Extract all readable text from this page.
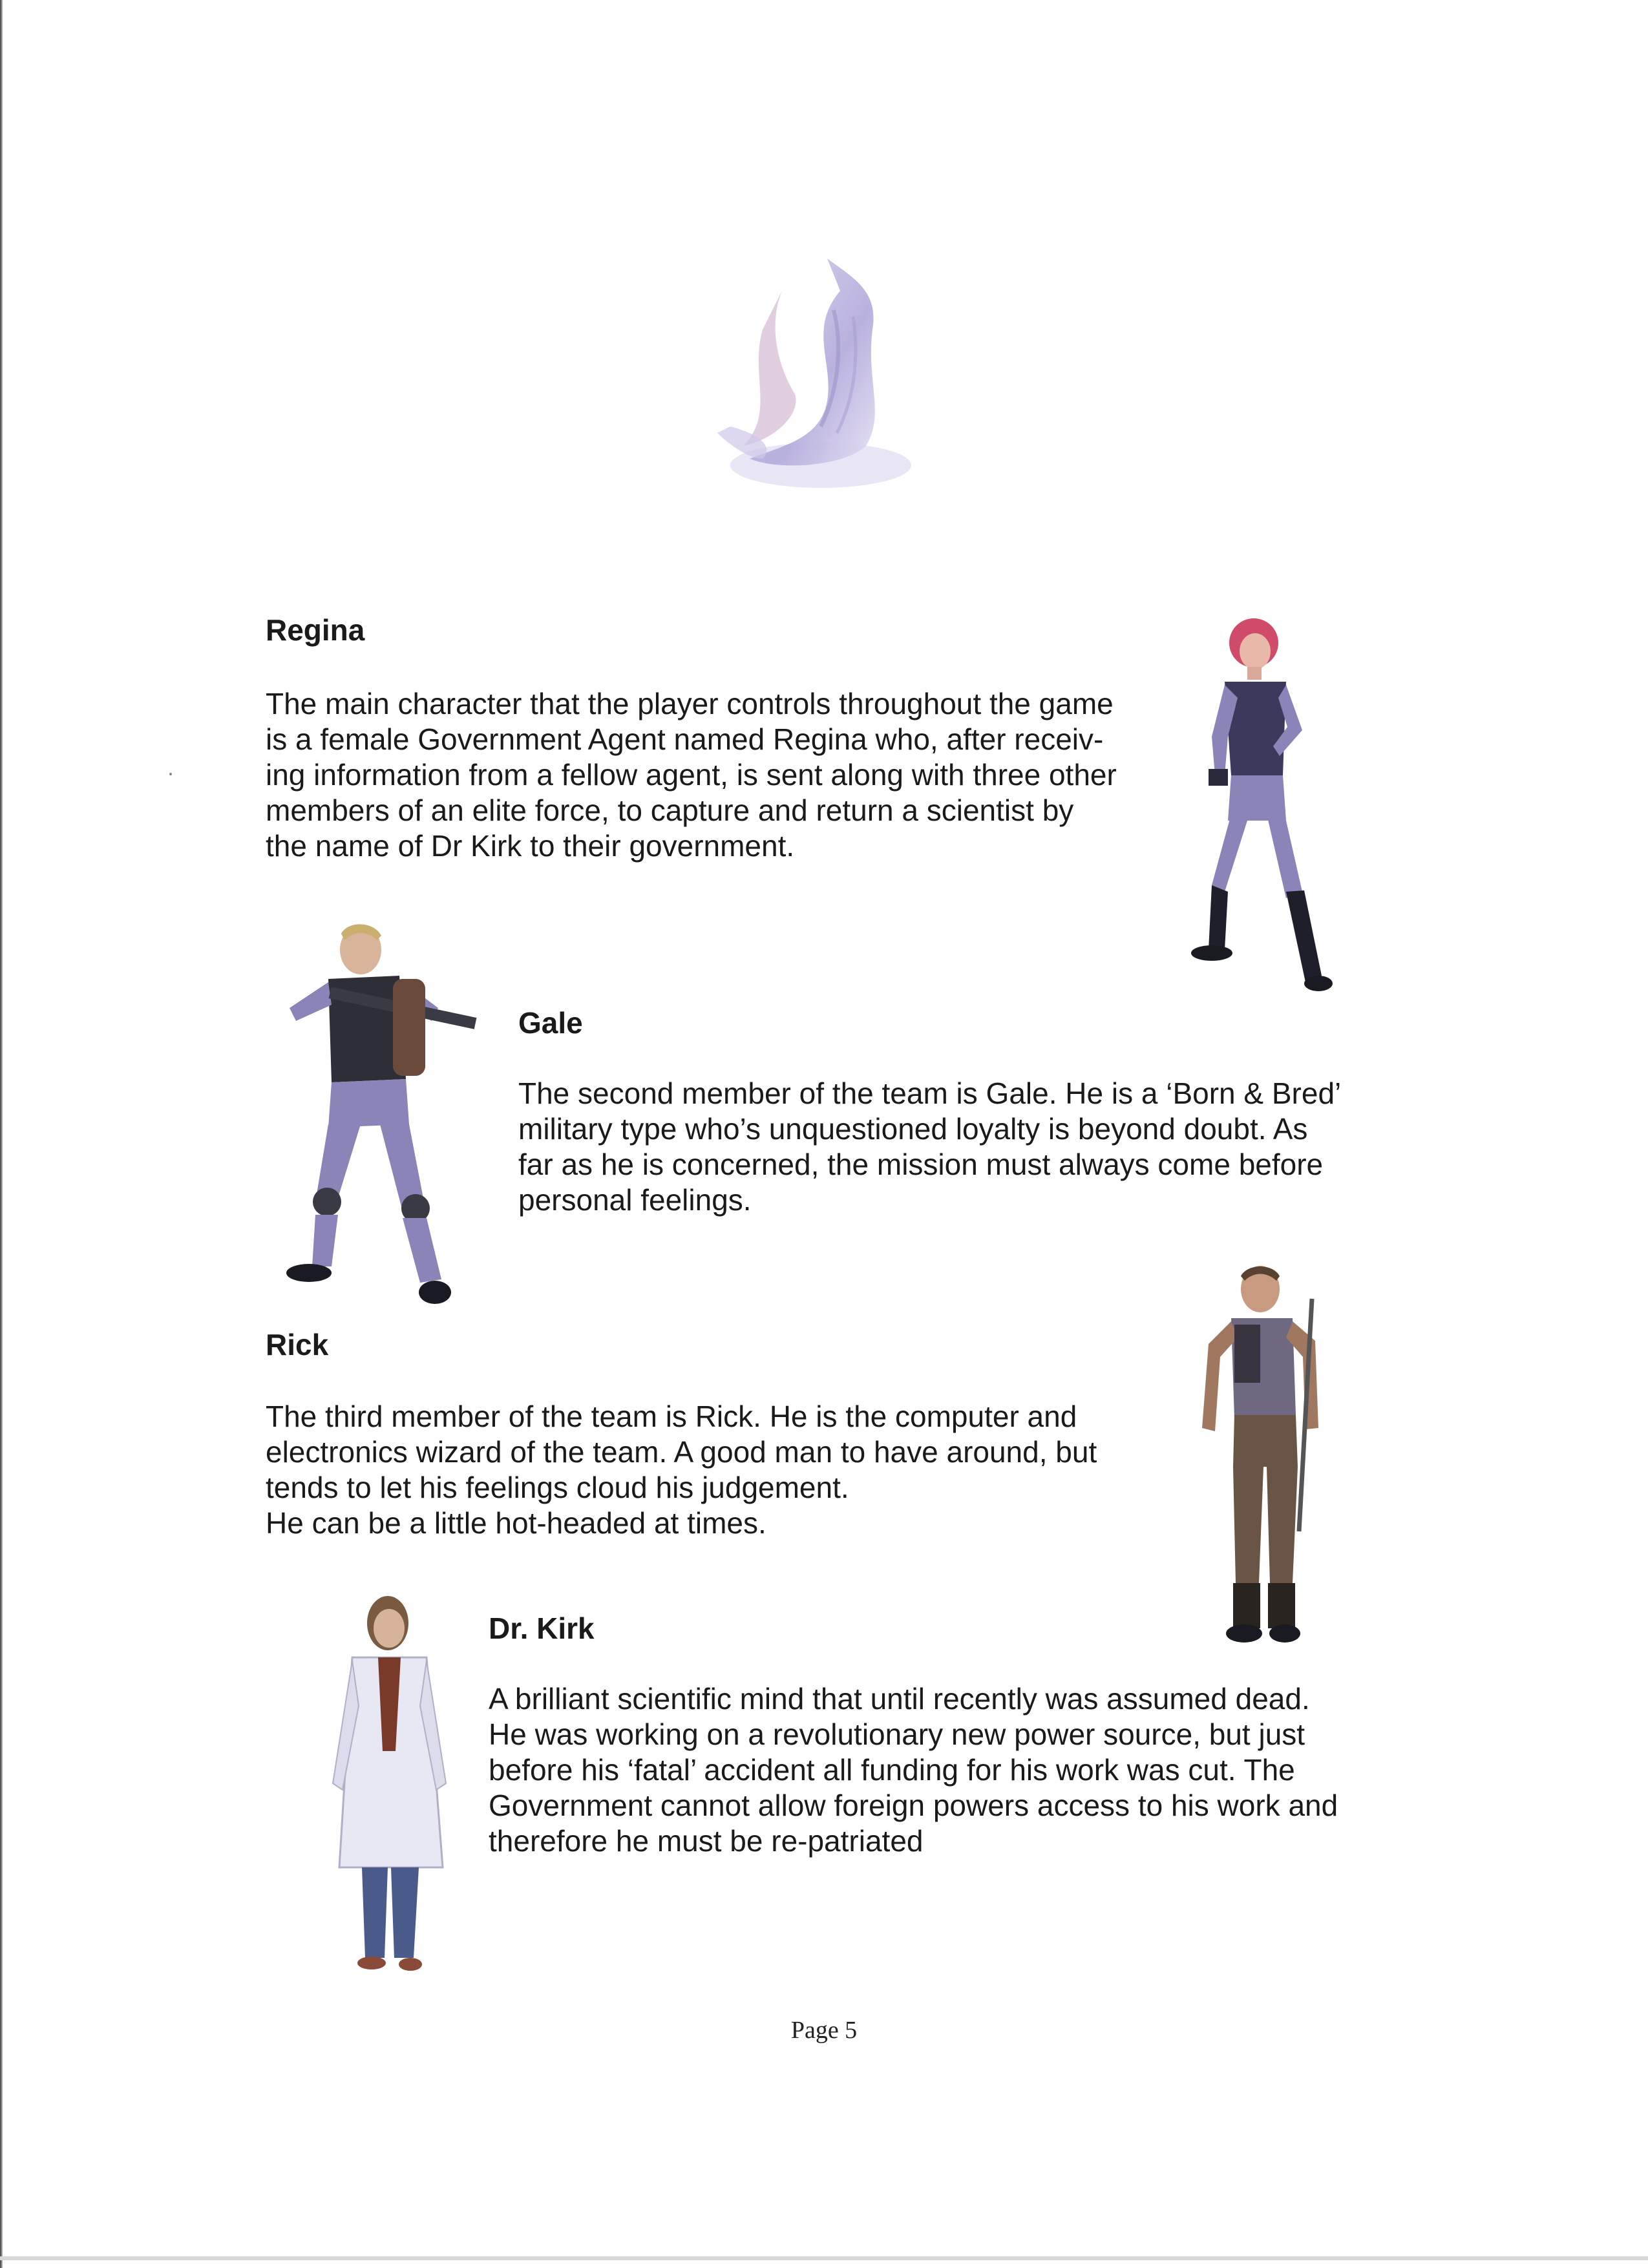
Regina

The main character that the player controls throughout the game
is a female Government Agent named Regina who, after receiv-
ing information from a fellow agent, is sent along with three other
members of an elite force, to capture and return a scientist by
the name of Dr Kirk to their government.

Gale

The second member of the team is Gale. He is a ‘Born & Bred’
military type who’s unquestioned loyalty is beyond doubt. As
far as he is concerned, the mission must always come before
personal feelings.

Rick

The third member of the team is Rick. He is the computer and
electronics wizard of the team. A good man to have around, but
tends to let his feelings cloud his judgement.
He can be a little hot-headed at times.

Dr. Kirk

A brilliant scientific mind that until recently was assumed dead.
He was working on a revolutionary new power source, but just
before his ‘fatal’ accident all funding for his work was cut. The
Government cannot allow foreign powers access to his work and
therefore he must be re-patriated

Page 5
